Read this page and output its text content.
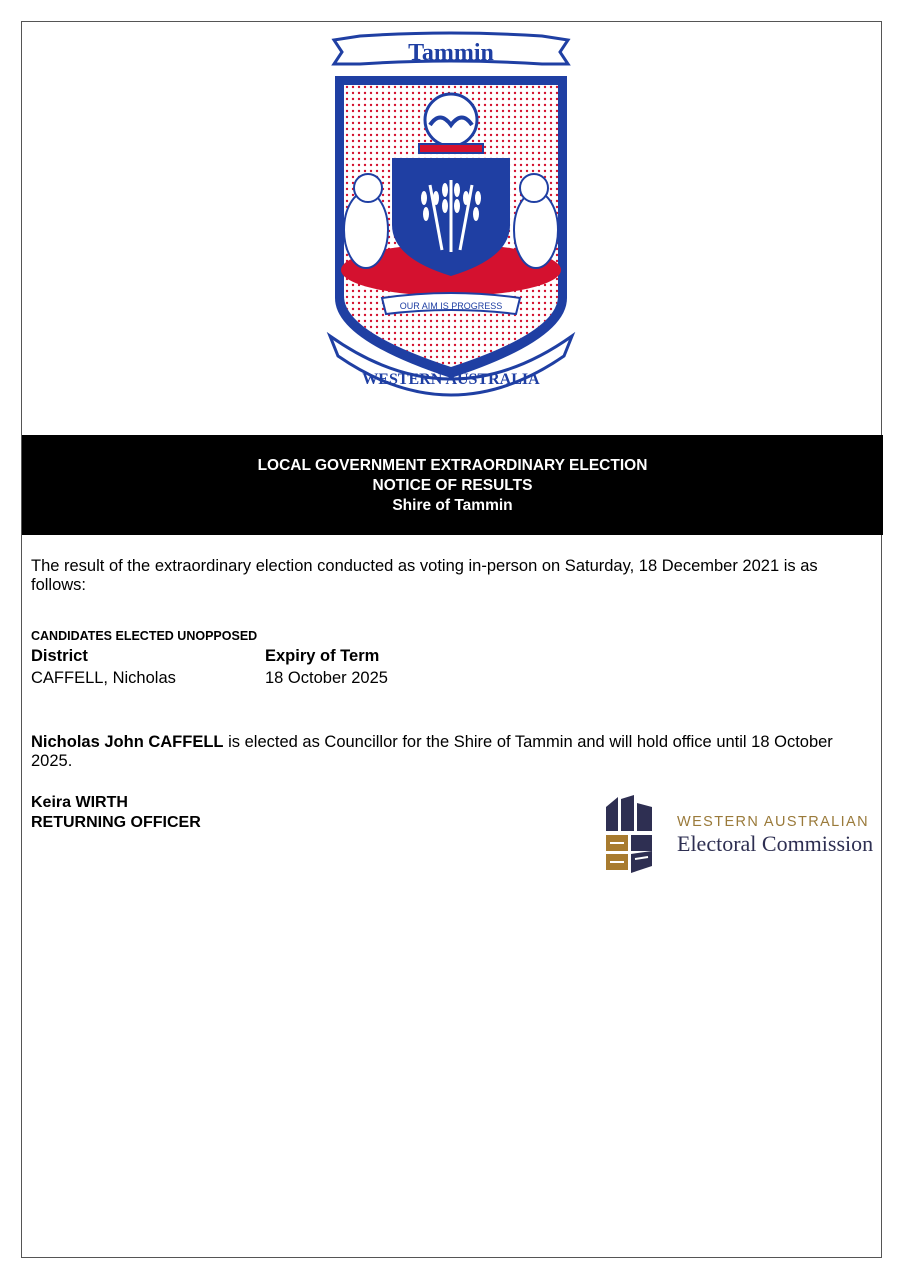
Tammin
OUR AIM IS PROGRESS
WESTERN AUSTRALIA
LOCAL GOVERNMENT EXTRAORDINARY ELECTION
NOTICE OF RESULTS
Shire of Tammin
The result of the extraordinary election conducted as voting in-person on Saturday, 18 December 2021 is as follows:
CANDIDATES ELECTED UNOPPOSED
District	Expiry of Term
CAFFELL, Nicholas	18 October 2025
Nicholas John CAFFELL is elected as Councillor for the Shire of Tammin and will hold office until 18 October 2025.
Keira WIRTH
RETURNING OFFICER	WESTERN AUSTRALIAN
Electoral Commission
